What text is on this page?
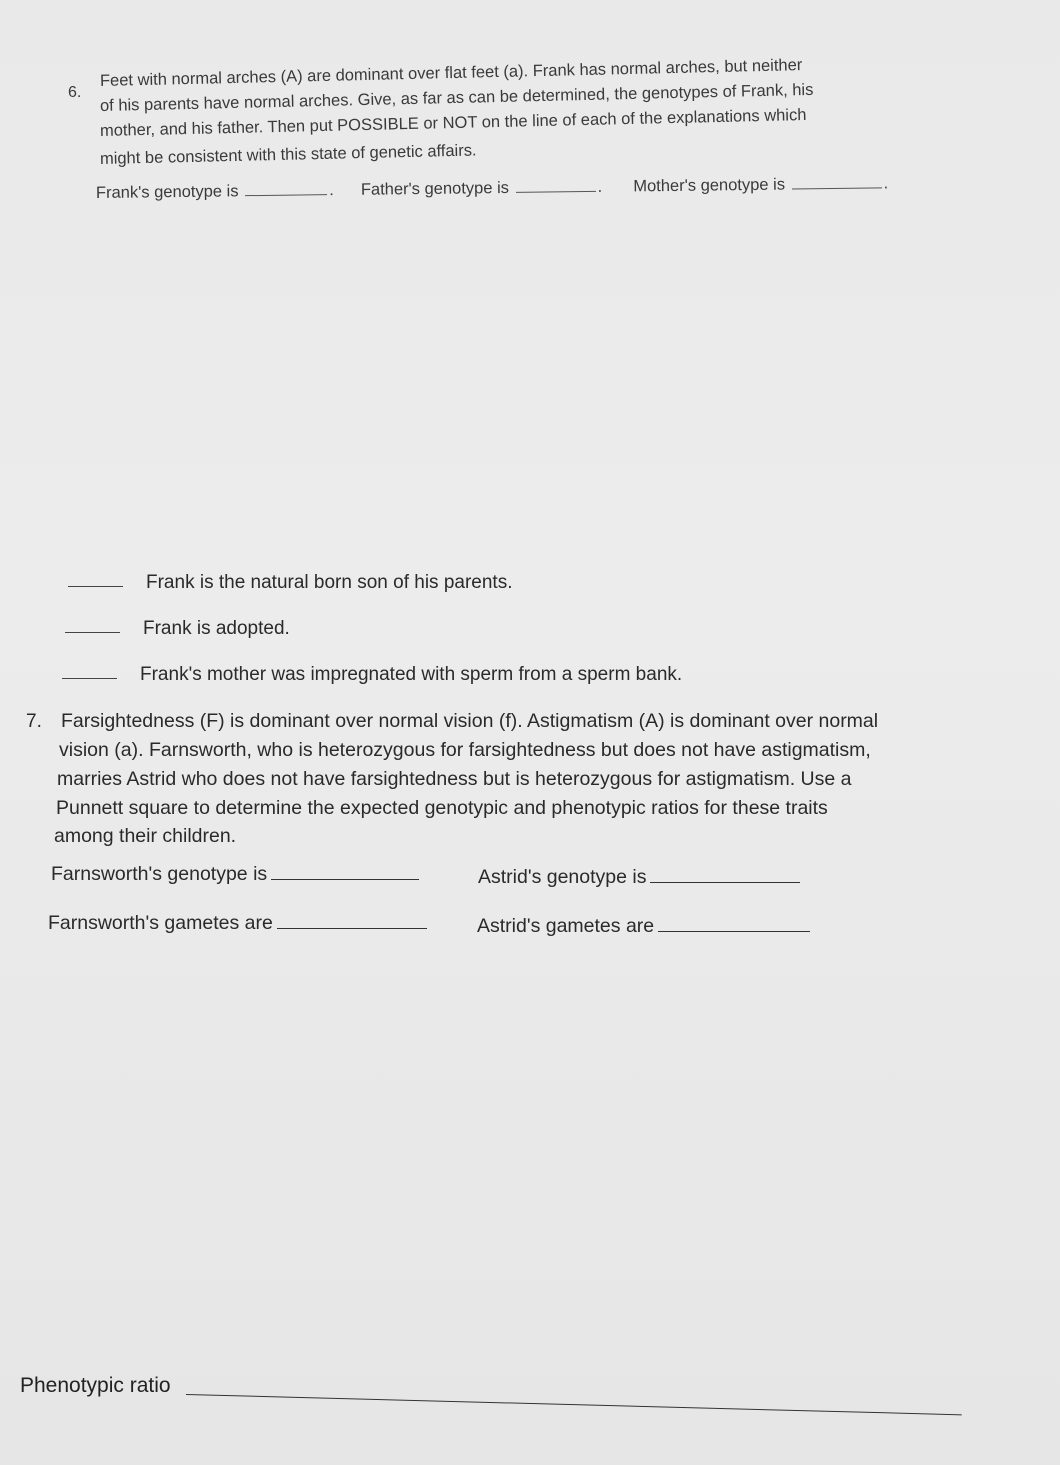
6.
Feet with normal arches (A) are dominant over flat feet (a). Frank has normal arches, but neither
of his parents have normal arches. Give, as far as can be determined, the genotypes of Frank, his
mother, and his father. Then put POSSIBLE or NOT on the line of each of the explanations which
might be consistent with this state of genetic affairs.
Frank's genotype is	.  Father's genotype is	.  Mother's genotype is	.
Frank is the natural born son of his parents.
Frank is adopted.
Frank's mother was impregnated with sperm from a sperm bank.
7. Farsightedness (F) is dominant over normal vision (f). Astigmatism (A) is dominant over normal
vision (a). Farnsworth, who is heterozygous for farsightedness but does not have astigmatism,
marries Astrid who does not have farsightedness but is heterozygous for astigmatism. Use a
Punnett square to determine the expected genotypic and phenotypic ratios for these traits
among their children.
Farnsworth's genotype is	Astrid's genotype is
Farnsworth's gametes are	Astrid's gametes are
Phenotypic ratio
